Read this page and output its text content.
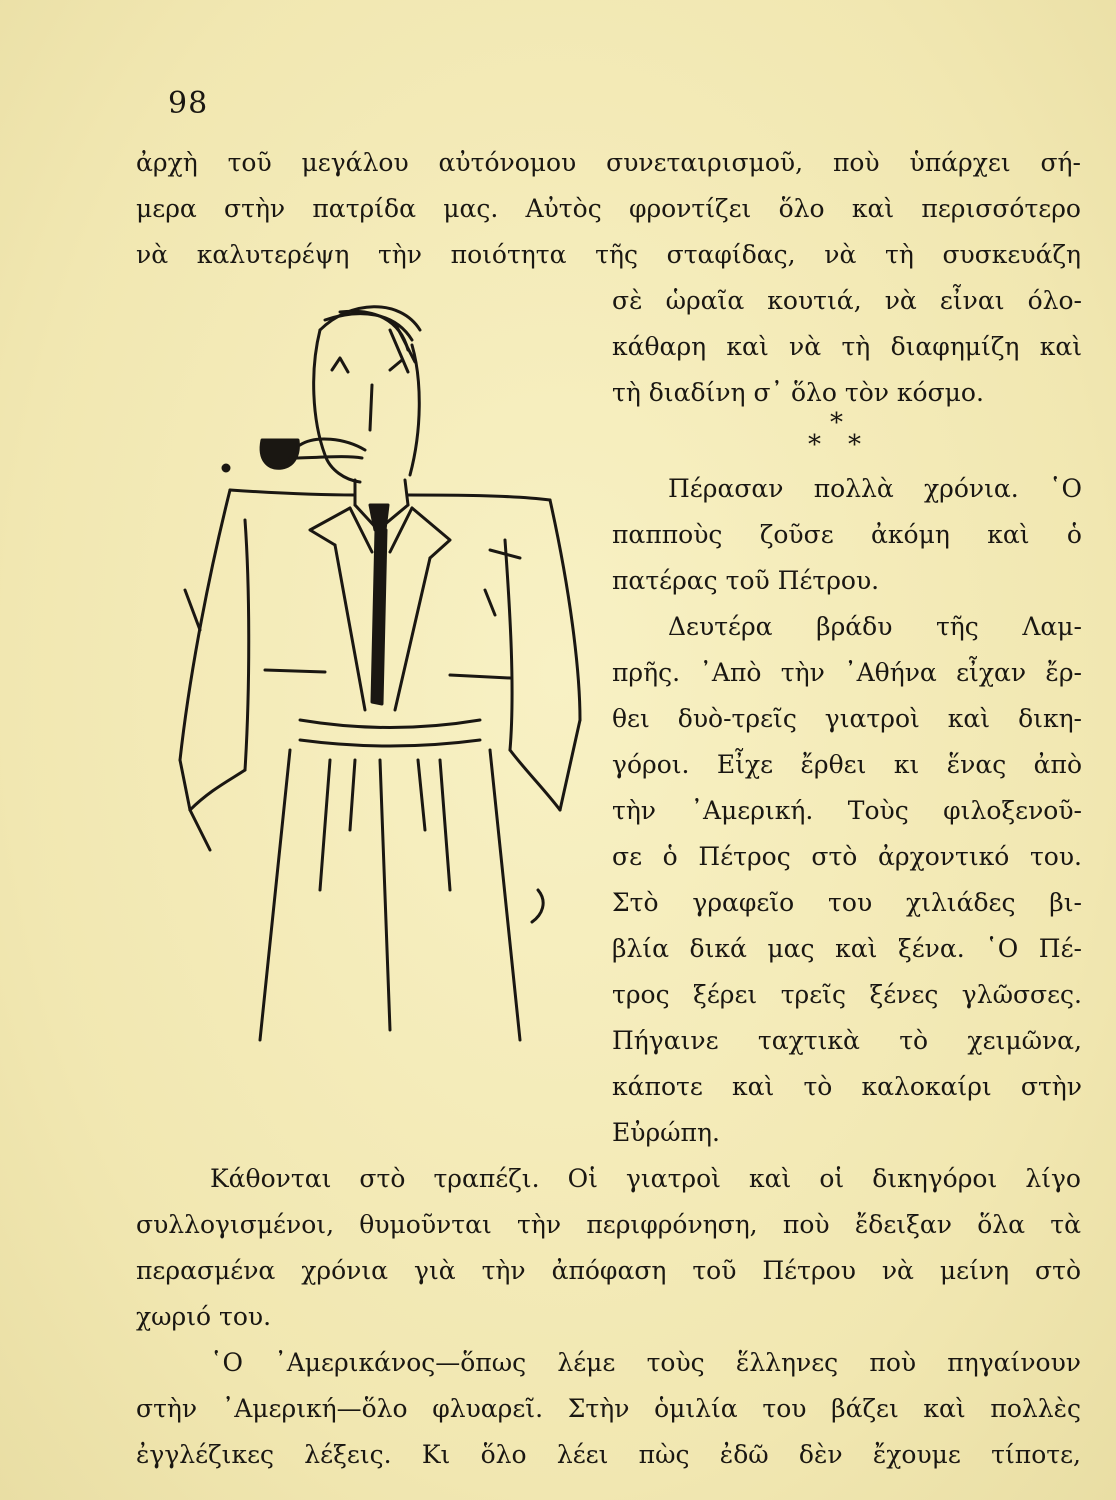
98
ἀρχὴ τοῦ μεγάλου αὐτόνομου συνεταιρισμοῦ, ποὺ ὑπάρχει σή-
μερα στὴν πατρίδα μας. Αὐτὸς φροντίζει ὅλο καὶ περισσότερο
νὰ καλυτερέψη τὴν ποιότητα τῆς σταφίδας, νὰ τὴ συσκευάζη
σὲ ὡραῖα κουτιά, νὰ εἶναι όλο-
κάθαρη καὶ νὰ τὴ διαφημίζη καὶ
τὴ διαδίνη σ᾿ ὅλο τὸν κόσμο.
*
* *
Πέρασαν πολλὰ χρόνια. ῾Ο
παπποὺς ζοῦσε ἀκόμη καὶ ὁ
πατέρας τοῦ Πέτρου.
Δευτέρα βράδυ τῆς Λαμ-
πρῆς. ᾿Απὸ τὴν ᾿Αθήνα εἶχαν ἔρ-
θει δυὸ-τρεῖς γιατροὶ καὶ δικη-
γόροι. Εἶχε ἔρθει κι ἕνας ἀπὸ
τὴν ᾿Αμερική. Τοὺς φιλοξενοῦ-
σε ὁ Πέτρος στὸ ἀρχοντικό του.
Στὸ γραφεῖο του χιλιάδες βι-
βλία δικά μας καὶ ξένα. ῾Ο Πέ-
τρος ξέρει τρεῖς ξένες γλῶσσες.
Πήγαινε ταχτικὰ τὸ χειμῶνα,
κάποτε καὶ τὸ καλοκαίρι στὴν
Εὐρώπη.
Κάθονται στὸ τραπέζι. Οἱ γιατροὶ καὶ οἱ δικηγόροι λίγο
συλλογισμένοι, θυμοῦνται τὴν περιφρόνηση, ποὺ ἔδειξαν ὅλα τὰ
περασμένα χρόνια γιὰ τὴν ἀπόφαση τοῦ Πέτρου νὰ μείνη στὸ
χωριό του.
῾Ο ᾿Αμερικάνος—ὅπως λέμε τοὺς ἕλληνες ποὺ πηγαίνουν
στὴν ᾿Αμερική—ὅλο φλυαρεῖ. Στὴν ὁμιλία του βάζει καὶ πολλὲς
ἐγγλέζικες λέξεις. Κι ὅλο λέει πὼς ἐδῶ δὲν ἔχουμε τίποτε,
